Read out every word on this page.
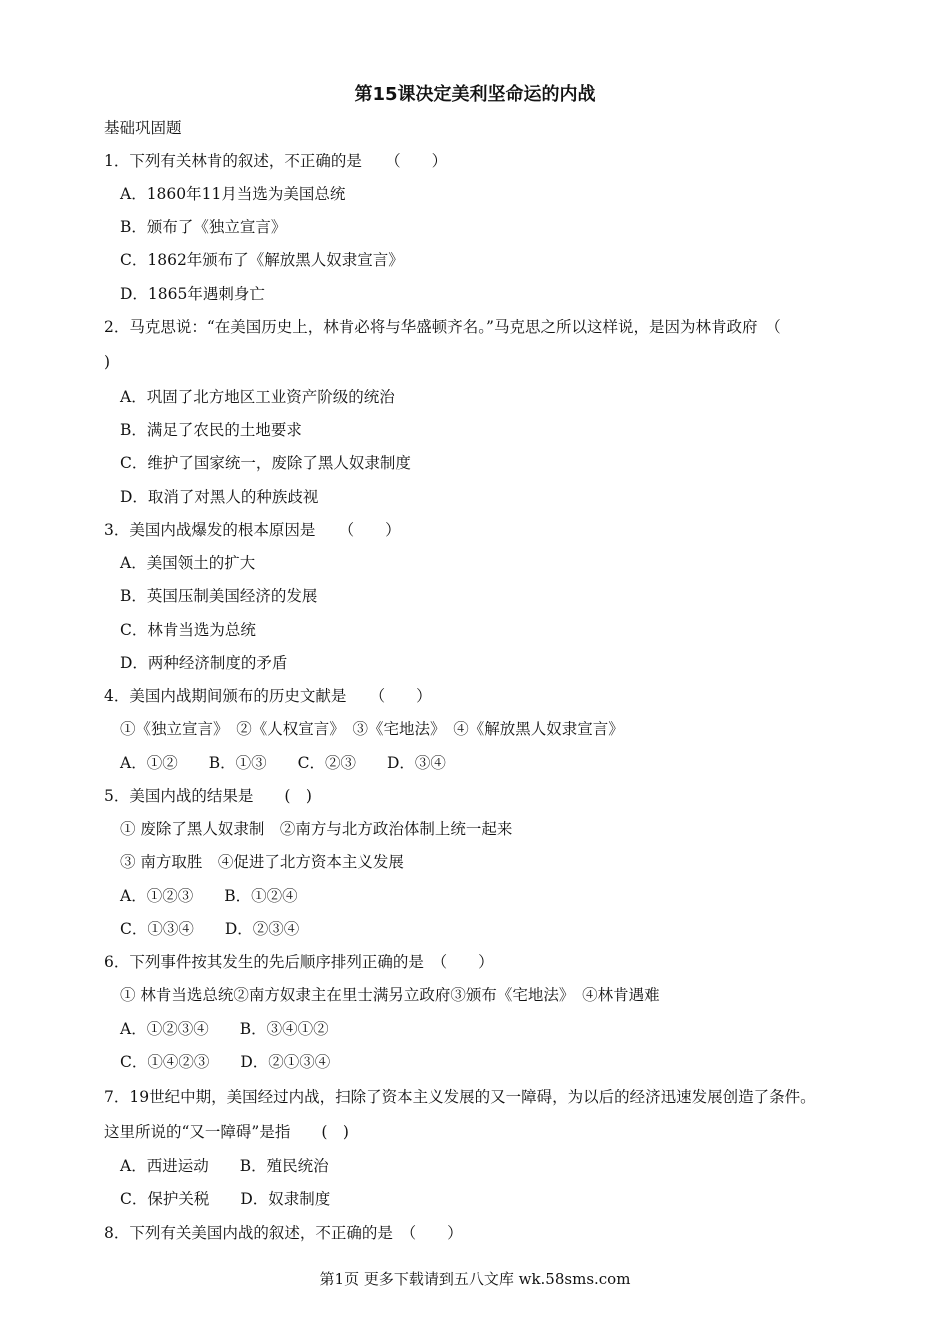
第15课决定美利坚命运的内战
基础巩固题
1．下列有关林肯的叙述，不正确的是　　（　　）
A．1860年11月当选为美国总统
B．颁布了《独立宣言》
C．1862年颁布了《解放黑人奴隶宣言》
D．1865年遇刺身亡
2．马克思说：“在美国历史上，林肯必将与华盛顿齐名。”马克思之所以这样说，是因为林肯政府　（
)
A．巩固了北方地区工业资产阶级的统治
B．满足了农民的土地要求
C．维护了国家统一，废除了黑人奴隶制度
D．取消了对黑人的种族歧视
3．美国内战爆发的根本原因是　　（　　）
A．美国领土的扩大
B．英国压制美国经济的发展
C．林肯当选为总统
D．两种经济制度的矛盾
4．美国内战期间颁布的历史文献是　　（　　）
①《独立宣言》　②《人权宣言》　③《宅地法》　④《解放黑人奴隶宣言》
A．①②　　B．①③　　C．②③　　D．③④
5．美国内战的结果是　　(　)
① 废除了黑人奴隶制　②南方与北方政治体制上统一起来
③ 南方取胜　④促进了北方资本主义发展
A．①②③　　B．①②④
C．①③④　　D．②③④
6．下列事件按其发生的先后顺序排列正确的是　（　　）
① 林肯当选总统②南方奴隶主在里士满另立政府③颁布《宅地法》　④林肯遇难
A．①②③④　　B．③④①②
C．①④②③　　D．②①③④
7．19世纪中期，美国经过内战，扫除了资本主义发展的又一障碍，为以后的经济迅速发展创造了条件。
这里所说的“又一障碍”是指　　(　)
A．西进运动　　B．殖民统治
C．保护关税　　D．奴隶制度
8．下列有关美国内战的叙述，不正确的是　（　　）
第1页 更多下载请到五八文库 wk.58sms.com
